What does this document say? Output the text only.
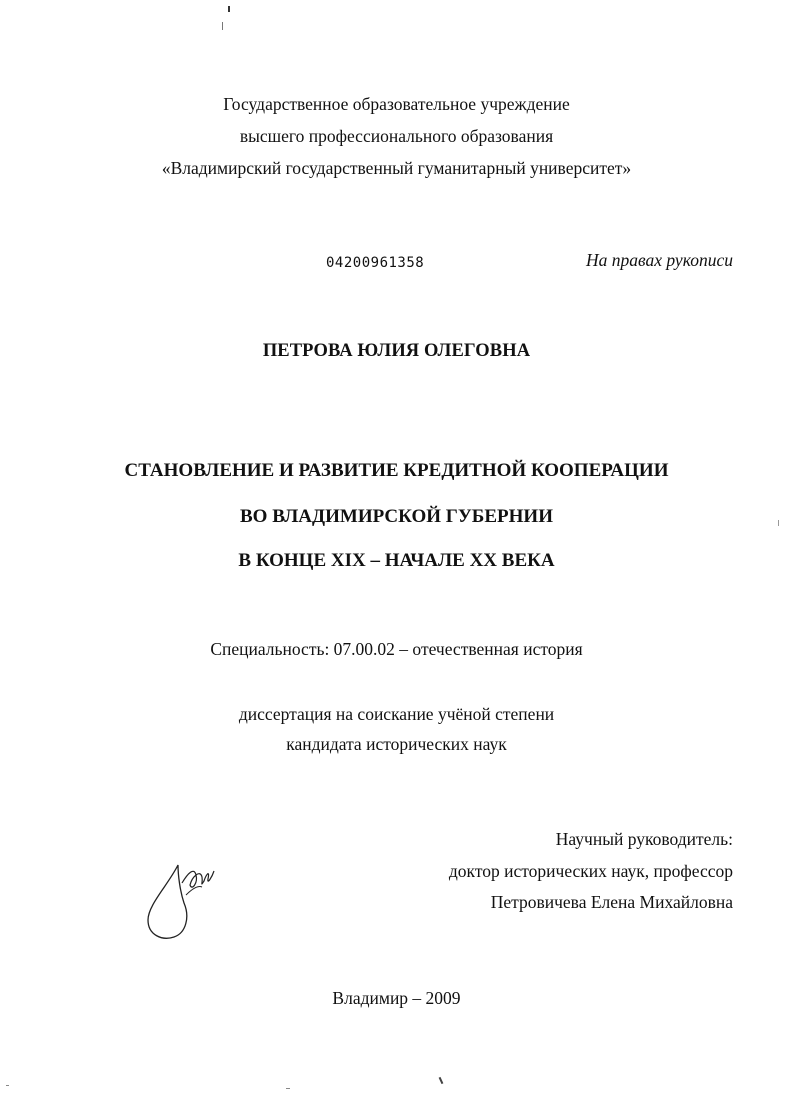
Государственное образовательное учреждение
высшего профессионального образования
«Владимирский государственный гуманитарный университет»
04200961358	На правах рукописи
ПЕТРОВА ЮЛИЯ ОЛЕГОВНА
СТАНОВЛЕНИЕ И РАЗВИТИЕ КРЕДИТНОЙ КООПЕРАЦИИ
ВО ВЛАДИМИРСКОЙ ГУБЕРНИИ
В КОНЦЕ XIX – НАЧАЛЕ XX ВЕКА
Специальность: 07.00.02 – отечественная история
диссертация на соискание учёной степени
кандидата исторических наук
Научный руководитель:
доктор исторических наук, профессор
Петровичева Елена Михайловна
Владимир – 2009
